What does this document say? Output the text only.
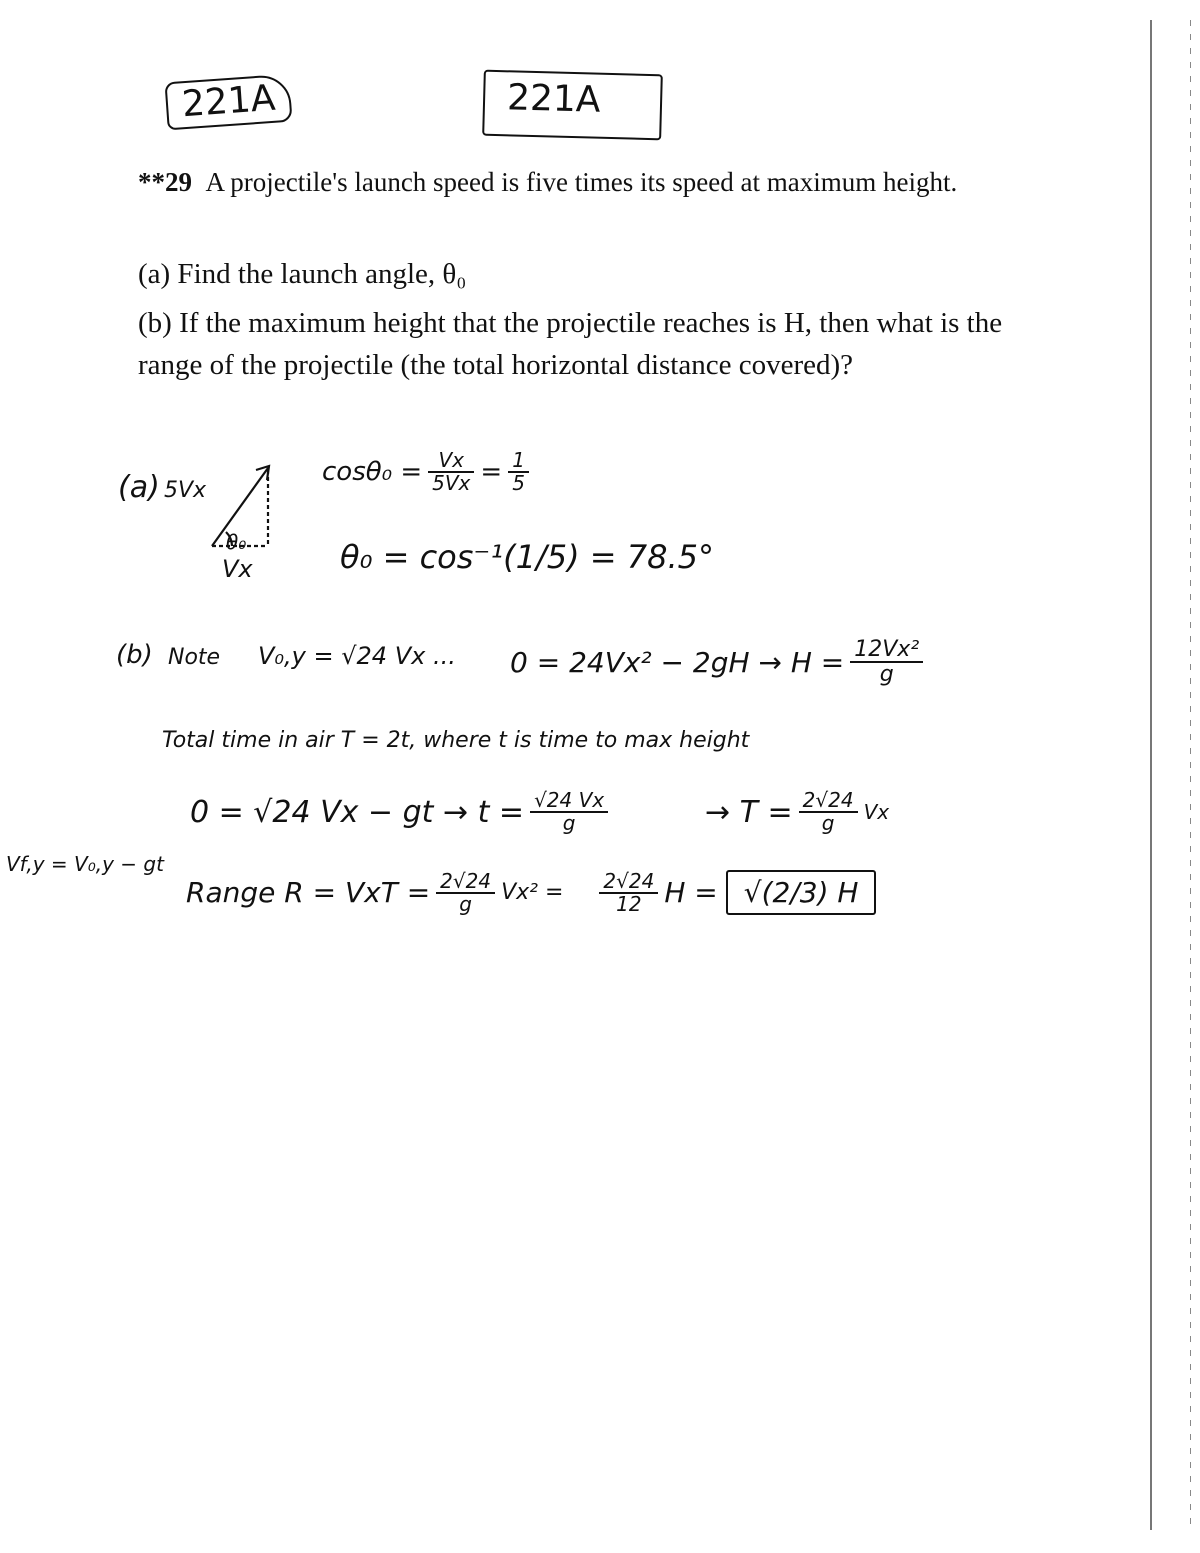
221A	221A
**29 A projectile's launch speed is five times its speed at maximum height.
(a) Find the launch angle, θ₀
(b) If the maximum height that the projectile reaches is H, then what is the range of the projectile (the total horizontal distance covered)?
(a) 5Vx
θ₀
Vx
$\cos\theta_0 = \frac{Vx}{5Vx} = \frac{1}{5}$
θ₀ = cos⁻¹(1/5) = 78.5°
(b) Note V₀,y = √24 Vx ... $0 = 24Vx^2 - 2gH \to H = \frac{\text{12Vx²}}{g}$
Total time in air T = 2t, where t is time to max height
0 = √24 Vx − gt → $t = \frac{√24 Vx}{g}$	→ $T = \frac{2√24}{g}$ Vx
Vf,y = V₀,y − gt
Range R = VxT = $\frac{2√24}{g} Vx^2 = \frac{2√24}{12}$ H = √(2/3) H
